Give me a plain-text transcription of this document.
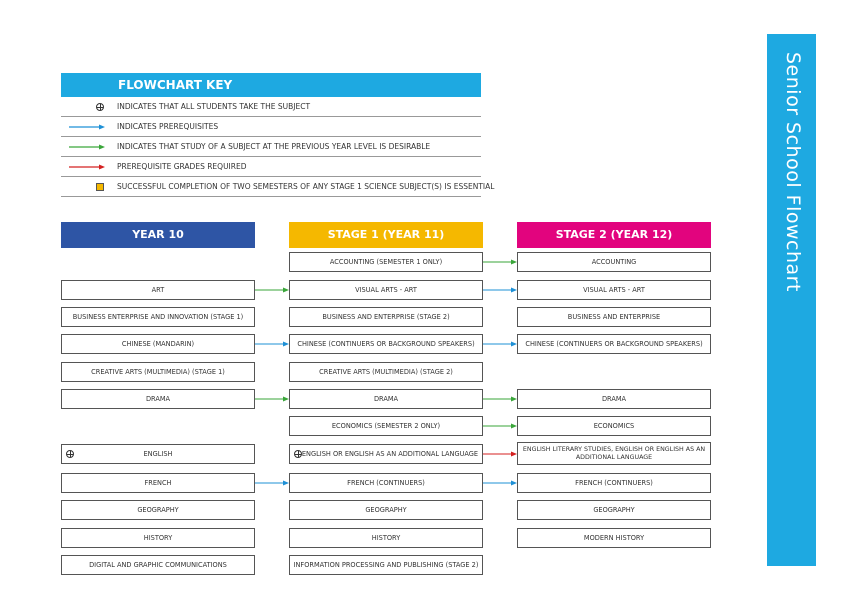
Senior School Flowchart
FLOWCHART KEY
INDICATES THAT ALL STUDENTS TAKE THE SUBJECT
INDICATES PREREQUISITES
INDICATES THAT STUDY OF A SUBJECT AT THE PREVIOUS YEAR LEVEL IS DESIRABLE
PREREQUISITE GRADES REQUIRED
SUCCESSFUL COMPLETION OF TWO SEMESTERS OF ANY STAGE 1 SCIENCE SUBJECT(S) IS ESSENTIAL
YEAR 10	STAGE 1 (YEAR 11)	STAGE 2 (YEAR 12)
ART
BUSINESS ENTERPRISE AND INNOVATION (STAGE 1)
CHINESE (MANDARIN)
CREATIVE ARTS (MULTIMEDIA) (STAGE 1)
DRAMA
ENGLISH
FRENCH
GEOGRAPHY
HISTORY
DIGITAL AND GRAPHIC COMMUNICATIONS
ACCOUNTING (SEMESTER 1 ONLY)
VISUAL ARTS - ART
BUSINESS AND ENTERPRISE (STAGE 2)
CHINESE (CONTINUERS OR BACKGROUND SPEAKERS)
CREATIVE ARTS (MULTIMEDIA) (STAGE 2)
DRAMA
ECONOMICS (SEMESTER 2 ONLY)
ENGLISH OR ENGLISH AS AN ADDITIONAL LANGUAGE
FRENCH (CONTINUERS)
GEOGRAPHY
HISTORY
INFORMATION PROCESSING AND PUBLISHING (STAGE 2)
ACCOUNTING
VISUAL ARTS - ART
BUSINESS AND ENTERPRISE
CHINESE (CONTINUERS OR BACKGROUND SPEAKERS)
DRAMA
ECONOMICS
ENGLISH LITERARY STUDIES, ENGLISH OR ENGLISH AS AN ADDITIONAL LANGUAGE
FRENCH (CONTINUERS)
GEOGRAPHY
MODERN HISTORY
